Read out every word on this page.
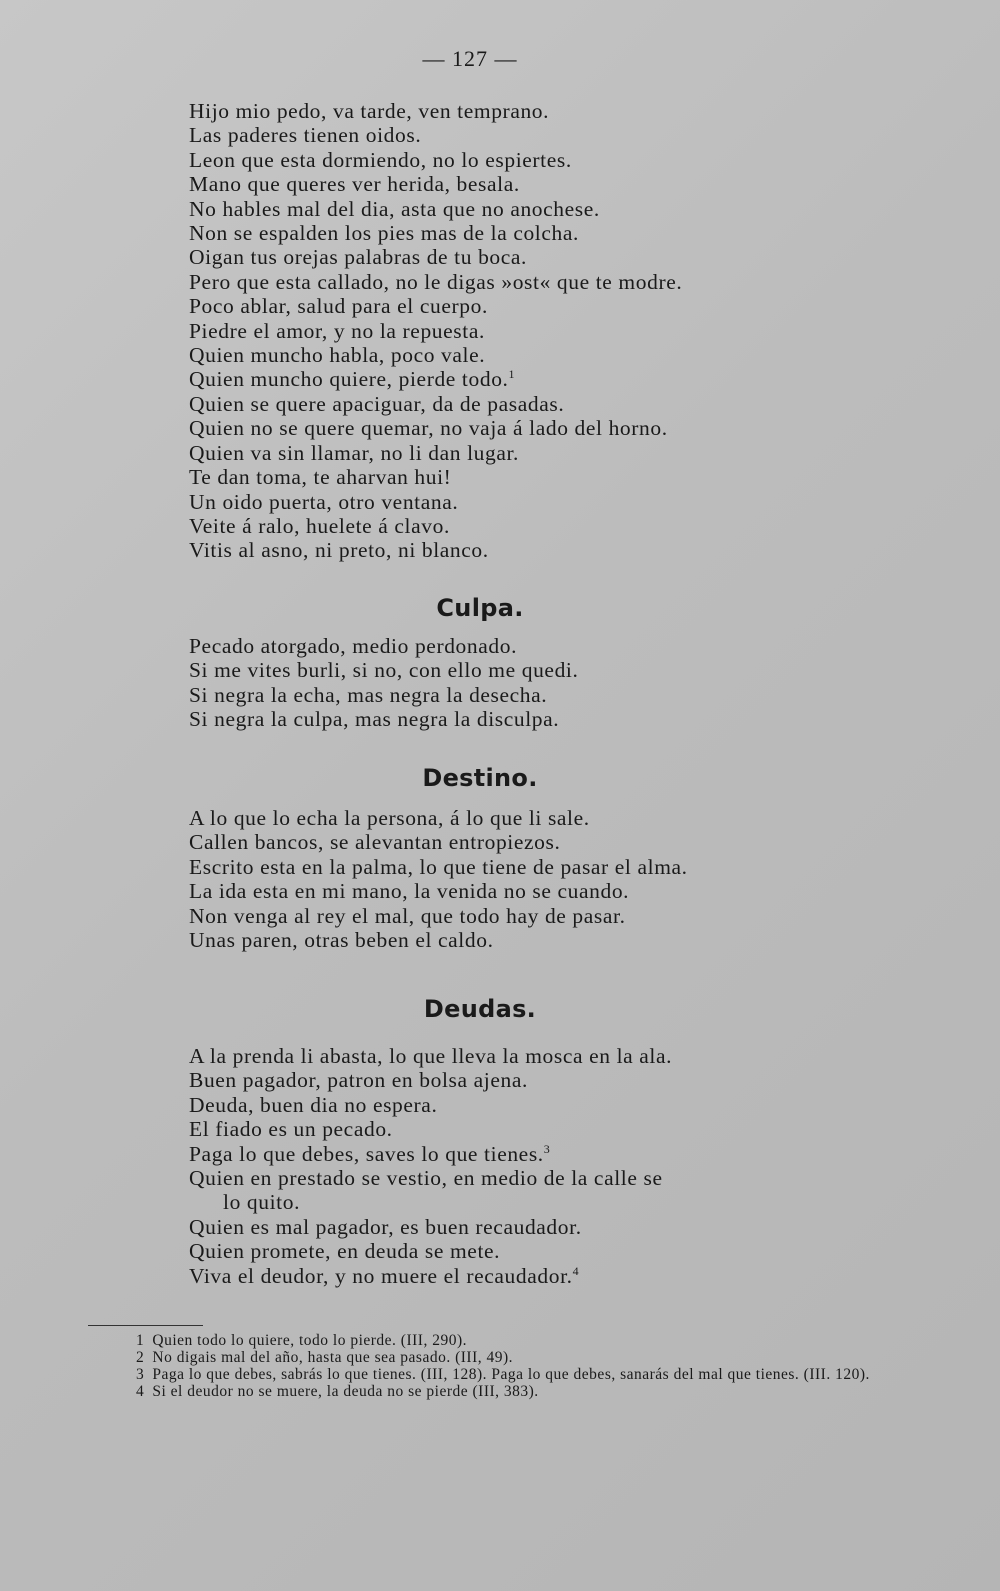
— 127 —
Hijo mio pedo, va tarde, ven temprano.
Las paderes tienen oidos.
Leon que esta dormiendo, no lo espiertes.
Mano que queres ver herida, besala.
No hables mal del dia, asta que no anochese.
Non se espalden los pies mas de la colcha.
Oigan tus orejas palabras de tu boca.
Pero que esta callado, no le digas »ost« que te modre.
Poco ablar, salud para el cuerpo.
Piedre el amor, y no la repuesta.
Quien muncho habla, poco vale.
Quien muncho quiere, pierde todo.$^1$
Quien se quere apaciguar, da de pasadas.
Quien no se quere quemar, no vaja á lado del horno.
Quien va sin llamar, no li dan lugar.
Te dan toma, te aharvan hui!
Un oido puerta, otro ventana.
Veite á ralo, huelete á clavo.
Vitis al asno, ni preto, ni blanco.
Culpa.
Pecado atorgado, medio perdonado.
Si me vites burli, si no, con ello me quedi.
Si negra la echa, mas negra la desecha.
Si negra la culpa, mas negra la disculpa.
Destino.
A lo que lo echa la persona, á lo que li sale.
Callen bancos, se alevantan entropiezos.
Escrito esta en la palma, lo que tiene de pasar el alma.
La ida esta en mi mano, la venida no se cuando.
Non venga al rey el mal, que todo hay de pasar.
Unas paren, otras beben el caldo.
Deudas.
A la prenda li abasta, lo que lleva la mosca en la ala.
Buen pagador, patron en bolsa ajena.
Deuda, buen dia no espera.
El fiado es un pecado.
Paga lo que debes, saves lo que tienes.$^3$
Quien en prestado se vestio, en medio de la calle se
lo quito.
Quien es mal pagador, es buen recaudador.
Quien promete, en deuda se mete.
Viva el deudor, y no muere el recaudador.$^4$
1 Quien todo lo quiere, todo lo pierde. (III, 290).
2 No digais mal del año, hasta que sea pasado. (III, 49).
3 Paga lo que debes, sabrás lo que tienes. (III, 128). Paga lo que debes, sanarás del mal que tienes. (III. 120).
4 Si el deudor no se muere, la deuda no se pierde (III, 383).
